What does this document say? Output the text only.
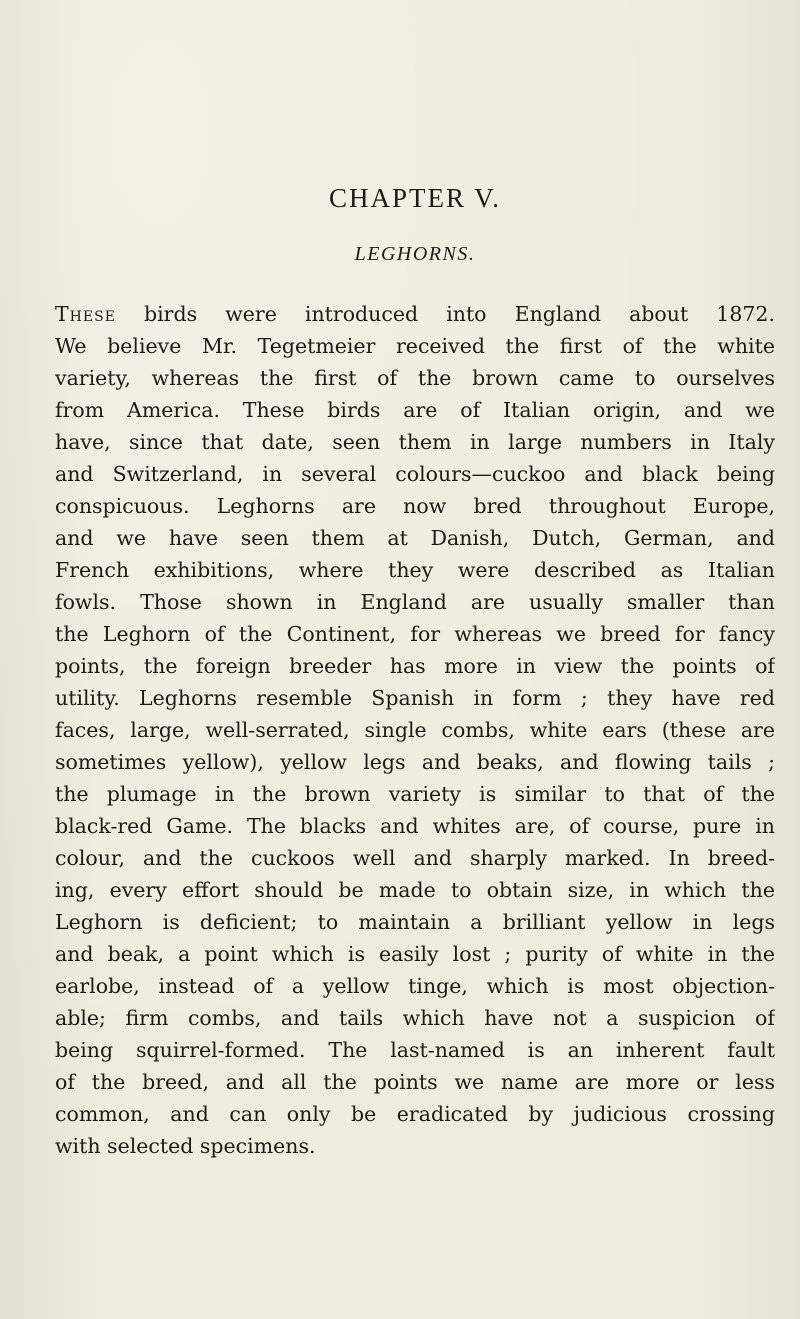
CHAPTER V.
LEGHORNS.
These birds were introduced into England about 1872.
We believe Mr. Tegetmeier received the first of the white
variety, whereas the first of the brown came to ourselves
from America. These birds are of Italian origin, and we
have, since that date, seen them in large numbers in Italy
and Switzerland, in several colours—cuckoo and black being
conspicuous. Leghorns are now bred throughout Europe,
and we have seen them at Danish, Dutch, German, and
French exhibitions, where they were described as Italian
fowls. Those shown in England are usually smaller than
the Leghorn of the Continent, for whereas we breed for fancy
points, the foreign breeder has more in view the points of
utility. Leghorns resemble Spanish in form ; they have red
faces, large, well-serrated, single combs, white ears (these are
sometimes yellow), yellow legs and beaks, and flowing tails ;
the plumage in the brown variety is similar to that of the
black-red Game. The blacks and whites are, of course, pure in
colour, and the cuckoos well and sharply marked. In breed-
ing, every effort should be made to obtain size, in which the
Leghorn is deficient; to maintain a brilliant yellow in legs
and beak, a point which is easily lost ; purity of white in the
earlobe, instead of a yellow tinge, which is most objection-
able; firm combs, and tails which have not a suspicion of
being squirrel-formed. The last-named is an inherent fault
of the breed, and all the points we name are more or less
common, and can only be eradicated by judicious crossing
with selected specimens.
